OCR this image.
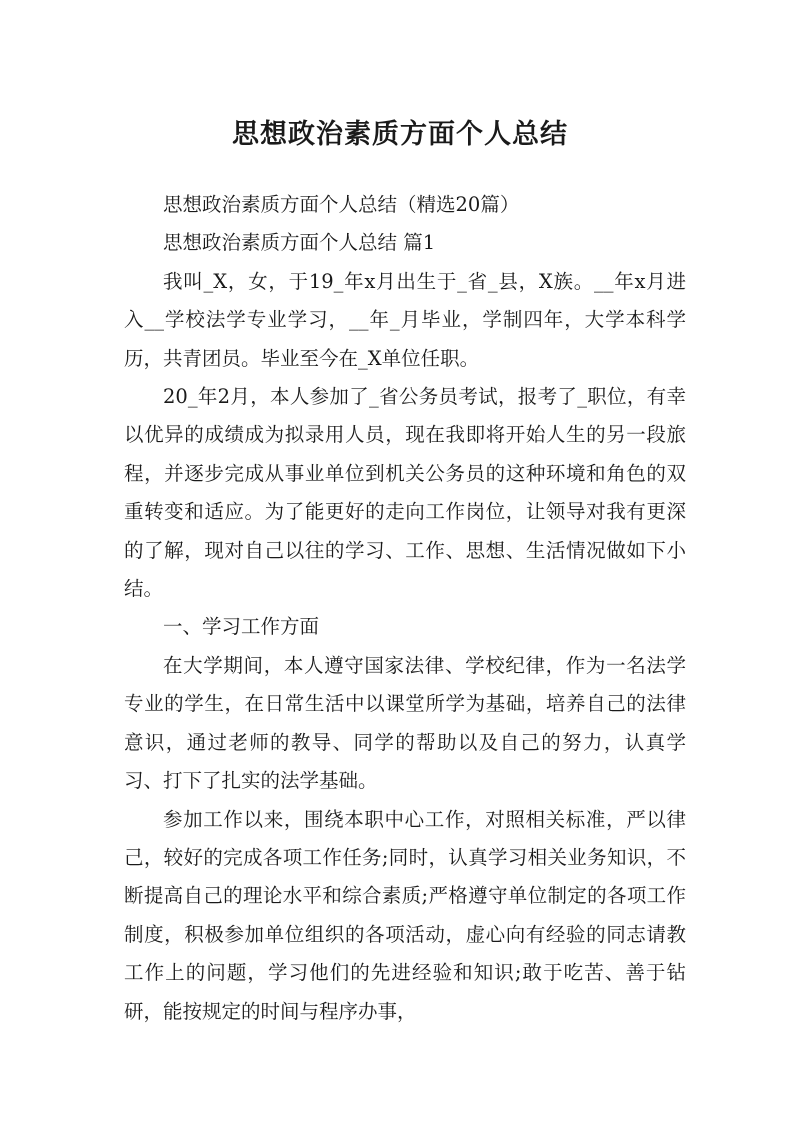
思想政治素质方面个人总结

思想政治素质方面个人总结（精选20篇）

思想政治素质方面个人总结 篇1

我叫_X，女，于19_年x月出生于_省_县，X族。__年x月进入__学校法学专业学习，__年_月毕业，学制四年，大学本科学历，共青团员。毕业至今在_X单位任职。

20_年2月，本人参加了_省公务员考试，报考了_职位，有幸以优异的成绩成为拟录用人员，现在我即将开始人生的另一段旅程，并逐步完成从事业单位到机关公务员的这种环境和角色的双重转变和适应。为了能更好的走向工作岗位，让领导对我有更深的了解，现对自己以往的学习、工作、思想、生活情况做如下小结。

一、学习工作方面

在大学期间，本人遵守国家法律、学校纪律，作为一名法学专业的学生，在日常生活中以课堂所学为基础，培养自己的法律意识，通过老师的教导、同学的帮助以及自己的努力，认真学习、打下了扎实的法学基础。

参加工作以来，围绕本职中心工作，对照相关标准，严以律己，较好的完成各项工作任务;同时，认真学习相关业务知识，不断提高自己的理论水平和综合素质;严格遵守单位制定的各项工作制度，积极参加单位组织的各项活动，虚心向有经验的同志请教工作上的问题，学习他们的先进经验和知识;敢于吃苦、善于钻研，能按规定的时间与程序办事，
